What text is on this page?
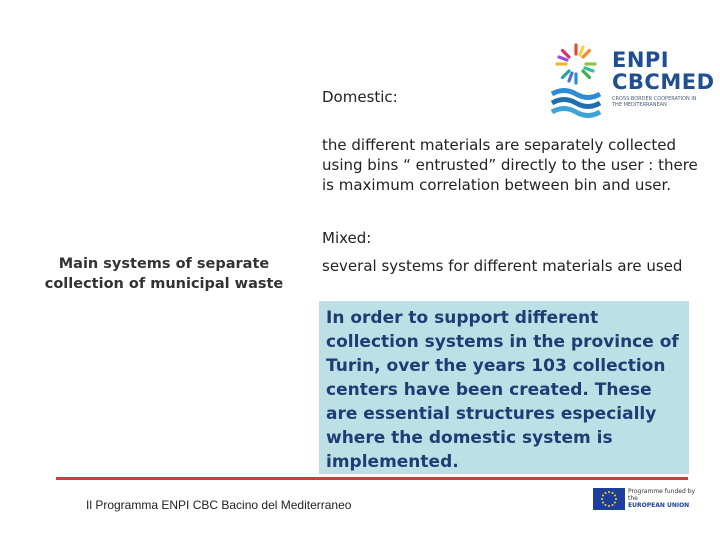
ENPI
CBCMED
CROSS-BORDER COOPERATION IN THE MEDITERRANEAN
Domestic:
the different materials are separately collected using bins “ entrusted” directly to the user : there is maximum correlation between bin and user.
Mixed:
several systems for different materials are used
Main systems of separate collection of municipal waste
In order to support different collection systems in the province of Turin, over the years 103 collection centers have been created. These are essential structures especially where the domestic system is implemented.
Il Programma ENPI CBC Bacino del Mediterraneo
Programme funded by the
EUROPEAN UNION
